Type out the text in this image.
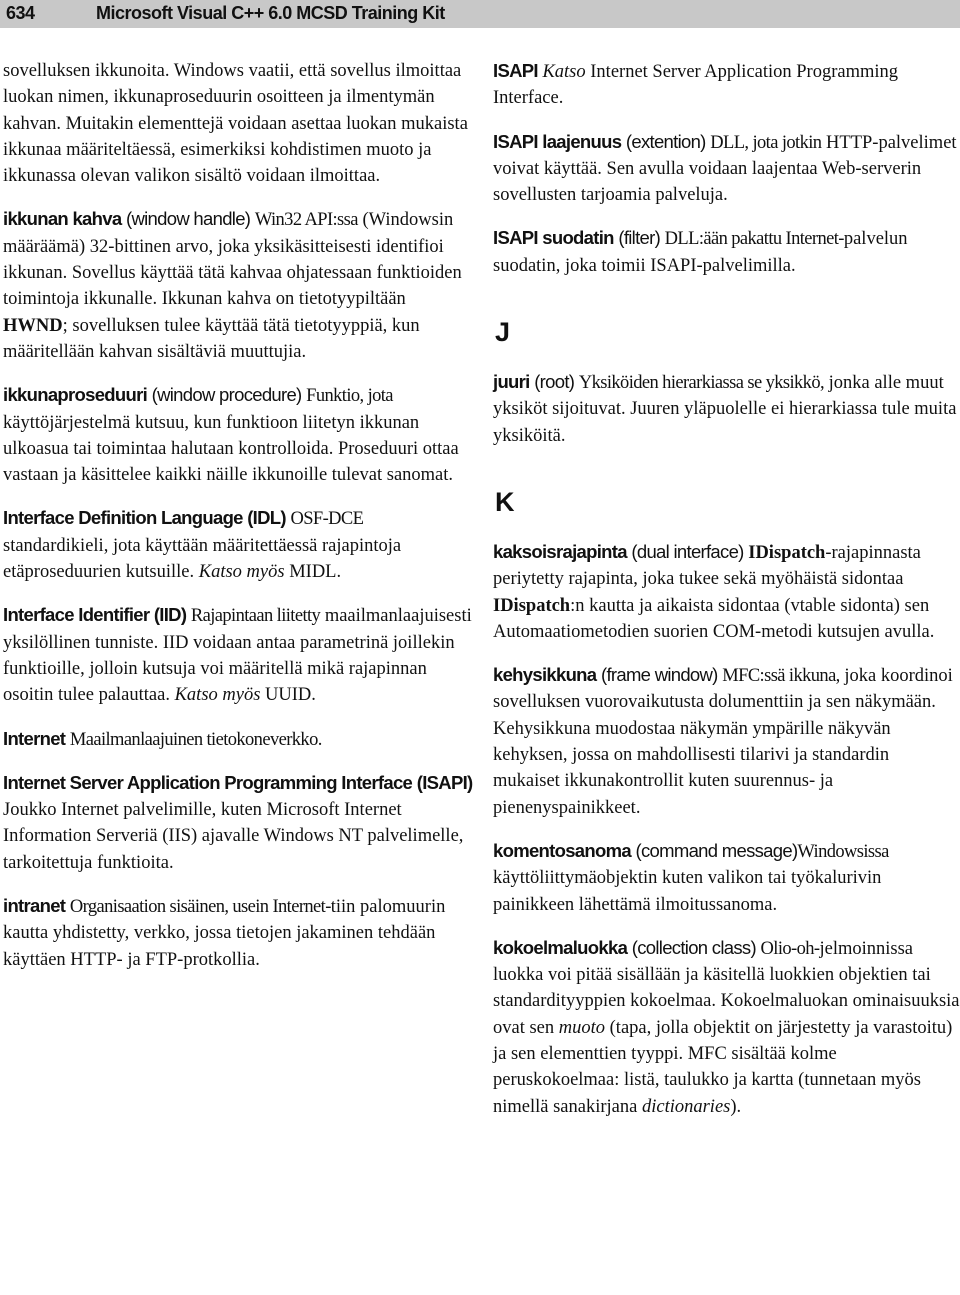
634	Microsoft Visual C++ 6.0 MCSD Training Kit

sovelluksen ikkunoita. Windows vaatii, että sovellus ilmoittaa luokan nimen, ikkunaproseduurin osoitteen ja ilmentymän kahvan. Muitakin elementtejä voidaan asettaa luokan mukaista ikkunaa määriteltäessä, esimerkiksi kohdistimen muoto ja ikkunassa olevan valikon sisältö voidaan ilmoittaa.

ikkunan kahva (window handle) Win32 API:ssa (Windowsin määräämä) 32-bittinen arvo, joka yksikäsitteisesti identifioi ikkunan. Sovellus käyttää tätä kahvaa ohjatessaan funktioiden toimintoja ikkunalle. Ikkunan kahva on tietotyypiltään HWND; sovelluksen tulee käyttää tätä tietotyyppiä, kun määritellään kahvan sisältäviä muuttujia.

ikkunaproseduuri (window procedure) Funktio, jota käyttöjärjestelmä kutsuu, kun funktioon liitetyn ikkunan ulkoasua tai toimintaa halutaan kontrolloida. Proseduuri ottaa vastaan ja käsittelee kaikki näille ikkunoille tulevat sanomat.

Interface Definition Language (IDL) OSF-DCE standardikieli, jota käyttään määritettäessä rajapintoja etäproseduurien kutsuille. Katso myös MIDL.

Interface Identifier (IID) Rajapintaan liitetty maailmanlaajuisesti yksilöllinen tunniste. IID voidaan antaa parametrinä joillekin funktioille, jolloin kutsuja voi määritellä mikä rajapinnan osoitin tulee palauttaa. Katso myös UUID.

Internet Maailmanlaajuinen tietokoneverkko.

Internet Server Application Programming Interface (ISAPI) Joukko Internet palvelimille, kuten Microsoft Internet Information Serveriä (IIS) ajavalle Windows NT palvelimelle, tarkoitettuja funktioita.

intranet Organisaation sisäinen, usein Internet-tiin palomuurin kautta yhdistetty, verkko, jossa tietojen jakaminen tehdään käyttäen HTTP- ja FTP-protkollia.

ISAPI Katso Internet Server Application Programming Interface.

ISAPI laajenuus (extention) DLL, jota jotkin HTTP-palvelimet voivat käyttää. Sen avulla voidaan laajentaa Web-serverin sovellusten tarjoamia palveluja.

ISAPI suodatin (filter) DLL:ään pakattu Internet-palvelun suodatin, joka toimii ISAPI-palvelimilla.

J

juuri (root) Yksiköiden hierarkiassa se yksikkö, jonka alle muut yksiköt sijoituvat. Juuren yläpuolelle ei hierarkiassa tule muita yksiköitä.

K

kaksoisrajapinta (dual interface) IDispatch-rajapinnasta periytetty rajapinta, joka tukee sekä myöhäistä sidontaa IDispatch:n kautta ja aikaista sidontaa (vtable sidonta) sen Automaatiometodien suorien COM-metodi kutsujen avulla.

kehysikkuna (frame window) MFC:ssä ikkuna, joka koordinoi sovelluksen vuorovaikutusta dolumenttiin ja sen näkymään. Kehysikkuna muodostaa näkymän ympärille näkyvän kehyksen, jossa on mahdollisesti tilarivi ja standardin mukaiset ikkunakontrollit kuten suurennus- ja pienenyspainikkeet.

komentosanoma (command message)Windowsissa käyttöliittymäobjektin kuten valikon tai työkalurivin painikkeen lähettämä ilmoitussanoma.

kokoelmaluokka (collection class) Olio-oh-jelmoinnissa luokka voi pitää sisällään ja käsitellä luokkien objektien tai standardityyppien kokoelmaa. Kokoelmaluokan ominaisuuksia ovat sen muoto (tapa, jolla objektit on järjestetty ja varastoitu) ja sen elementtien tyyppi. MFC sisältää kolme peruskokoelmaa: listä, taulukko ja kartta (tunnetaan myös nimellä sanakirjana dictionaries).
